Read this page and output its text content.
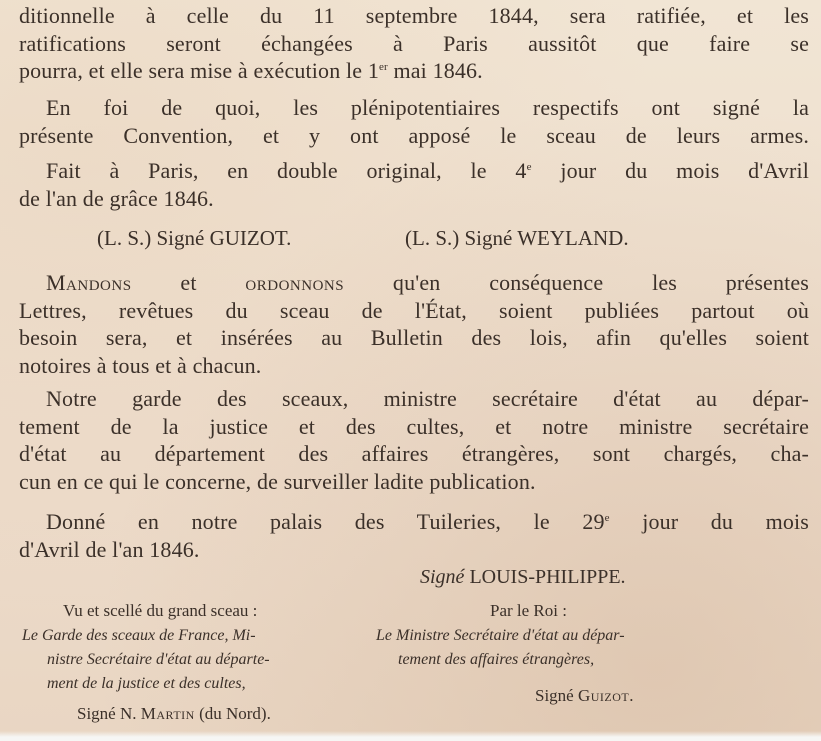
ditionnelle à celle du 11 septembre 1844, sera ratifiée, et les
ratifications seront échangées à Paris aussitôt que faire se
pourra, et elle sera mise à exécution le 1er mai 1846.
En foi de quoi, les plénipotentiaires respectifs ont signé la
présente Convention, et y ont apposé le sceau de leurs armes.
Fait à Paris, en double original, le 4e jour du mois d'Avril
de l'an de grâce 1846.
(L. S.) Signé GUIZOT.	(L. S.) Signé WEYLAND.
Mandons et ordonnons qu'en conséquence les présentes
Lettres, revêtues du sceau de l'État, soient publiées partout où
besoin sera, et insérées au Bulletin des lois, afin qu'elles soient
notoires à tous et à chacun.
Notre garde des sceaux, ministre secrétaire d'état au dépar-
tement de la justice et des cultes, et notre ministre secrétaire
d'état au département des affaires étrangères, sont chargés, cha-
cun en ce qui le concerne, de surveiller ladite publication.
Donné en notre palais des Tuileries, le 29e jour du mois
d'Avril de l'an 1846.
Signé LOUIS-PHILIPPE.
Vu et scellé du grand sceau :
Le Garde des sceaux de France, Mi-
nistre Secrétaire d'état au départe-
ment de la justice et des cultes,
Signé N. Martin (du Nord).
Par le Roi :
Le Ministre Secrétaire d'état au dépar-
tement des affaires étrangères,
Signé Guizot.
